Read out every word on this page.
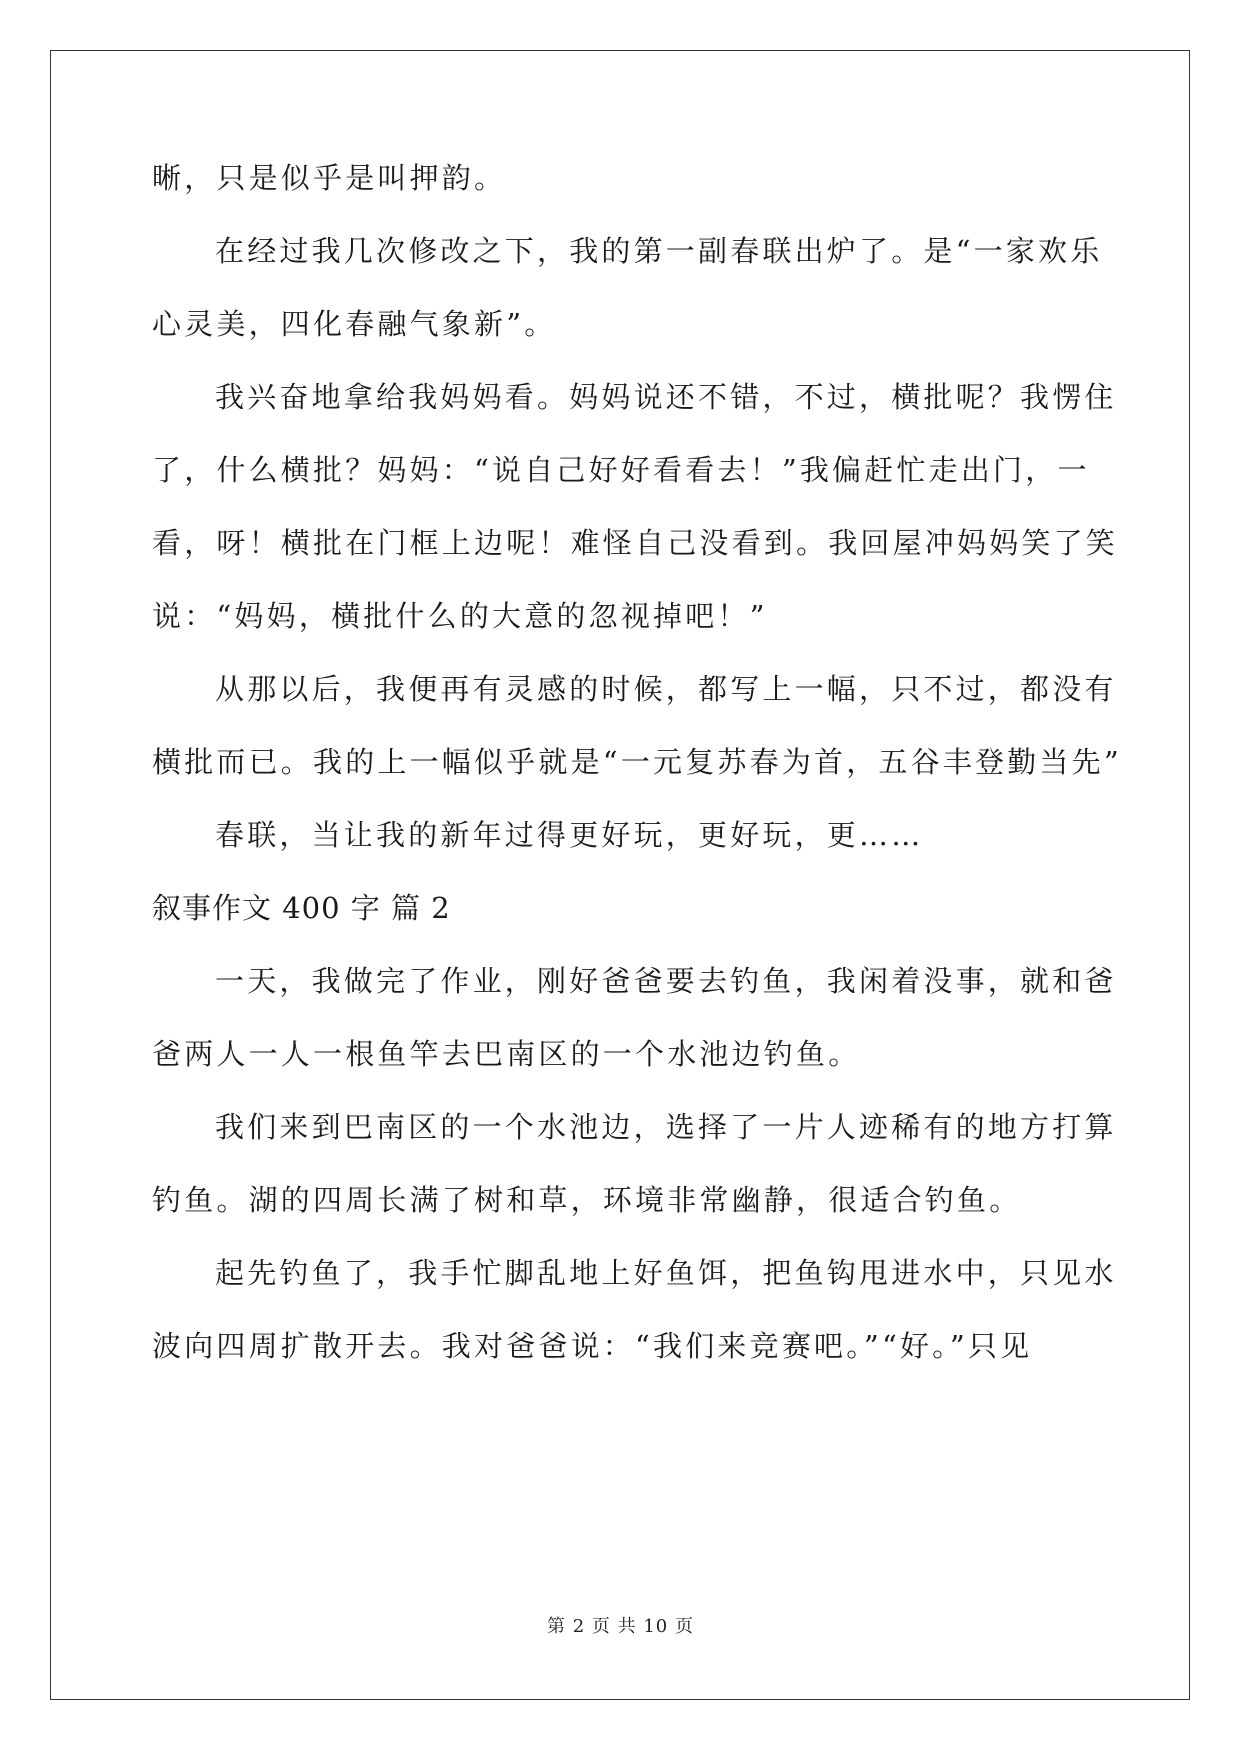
晰，只是似乎是叫押韵。
在经过我几次修改之下，我的第一副春联出炉了。是“一家欢乐
心灵美，四化春融气象新”。
我兴奋地拿给我妈妈看。妈妈说还不错，不过，横批呢？我愣住
了，什么横批？妈妈：“说自己好好看看去！”我偏赶忙走出门，一
看，呀！横批在门框上边呢！难怪自己没看到。我回屋冲妈妈笑了笑
说：“妈妈，横批什么的大意的忽视掉吧！”
从那以后，我便再有灵感的时候，都写上一幅，只不过，都没有
横批而已。我的上一幅似乎就是“一元复苏春为首，五谷丰登勤当先”
春联，当让我的新年过得更好玩，更好玩，更……
叙事作文 400 字 篇 2
一天，我做完了作业，刚好爸爸要去钓鱼，我闲着没事，就和爸
爸两人一人一根鱼竿去巴南区的一个水池边钓鱼。
我们来到巴南区的一个水池边，选择了一片人迹稀有的地方打算
钓鱼。湖的四周长满了树和草，环境非常幽静，很适合钓鱼。
起先钓鱼了，我手忙脚乱地上好鱼饵，把鱼钩甩进水中，只见水
波向四周扩散开去。我对爸爸说：“我们来竞赛吧。”“好。”只见
第 2 页 共 10 页
